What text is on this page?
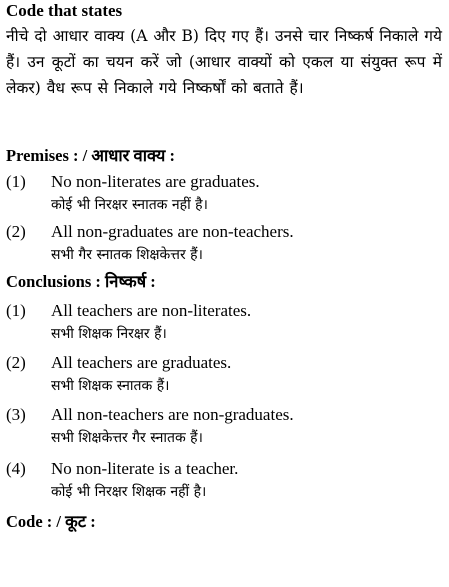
Code that states
नीचे दो आधार वाक्य (A और B) दिए गए हैं। उनसे चार निष्कर्ष निकाले गये हैं। उन कूटों का चयन करें जो (आधार वाक्यों को एकल या संयुक्त रूप में लेकर) वैध रूप से निकाले गये निष्कर्षों को बताते हैं।
Premises : / आधार वाक्य :
(1) No non-literates are graduates.
कोई भी निरक्षर स्नातक नहीं है।
(2) All non-graduates are non-teachers.
सभी गैर स्नातक शिक्षकेत्तर हैं।
Conclusions : निष्कर्ष :
(1) All teachers are non-literates.
सभी शिक्षक निरक्षर हैं।
(2) All teachers are graduates.
सभी शिक्षक स्नातक हैं।
(3) All non-teachers are non-graduates.
सभी शिक्षकेत्तर गैर स्नातक हैं।
(4) No non-literate is a teacher.
कोई भी निरक्षर शिक्षक नहीं है।
Code : / कूट :
